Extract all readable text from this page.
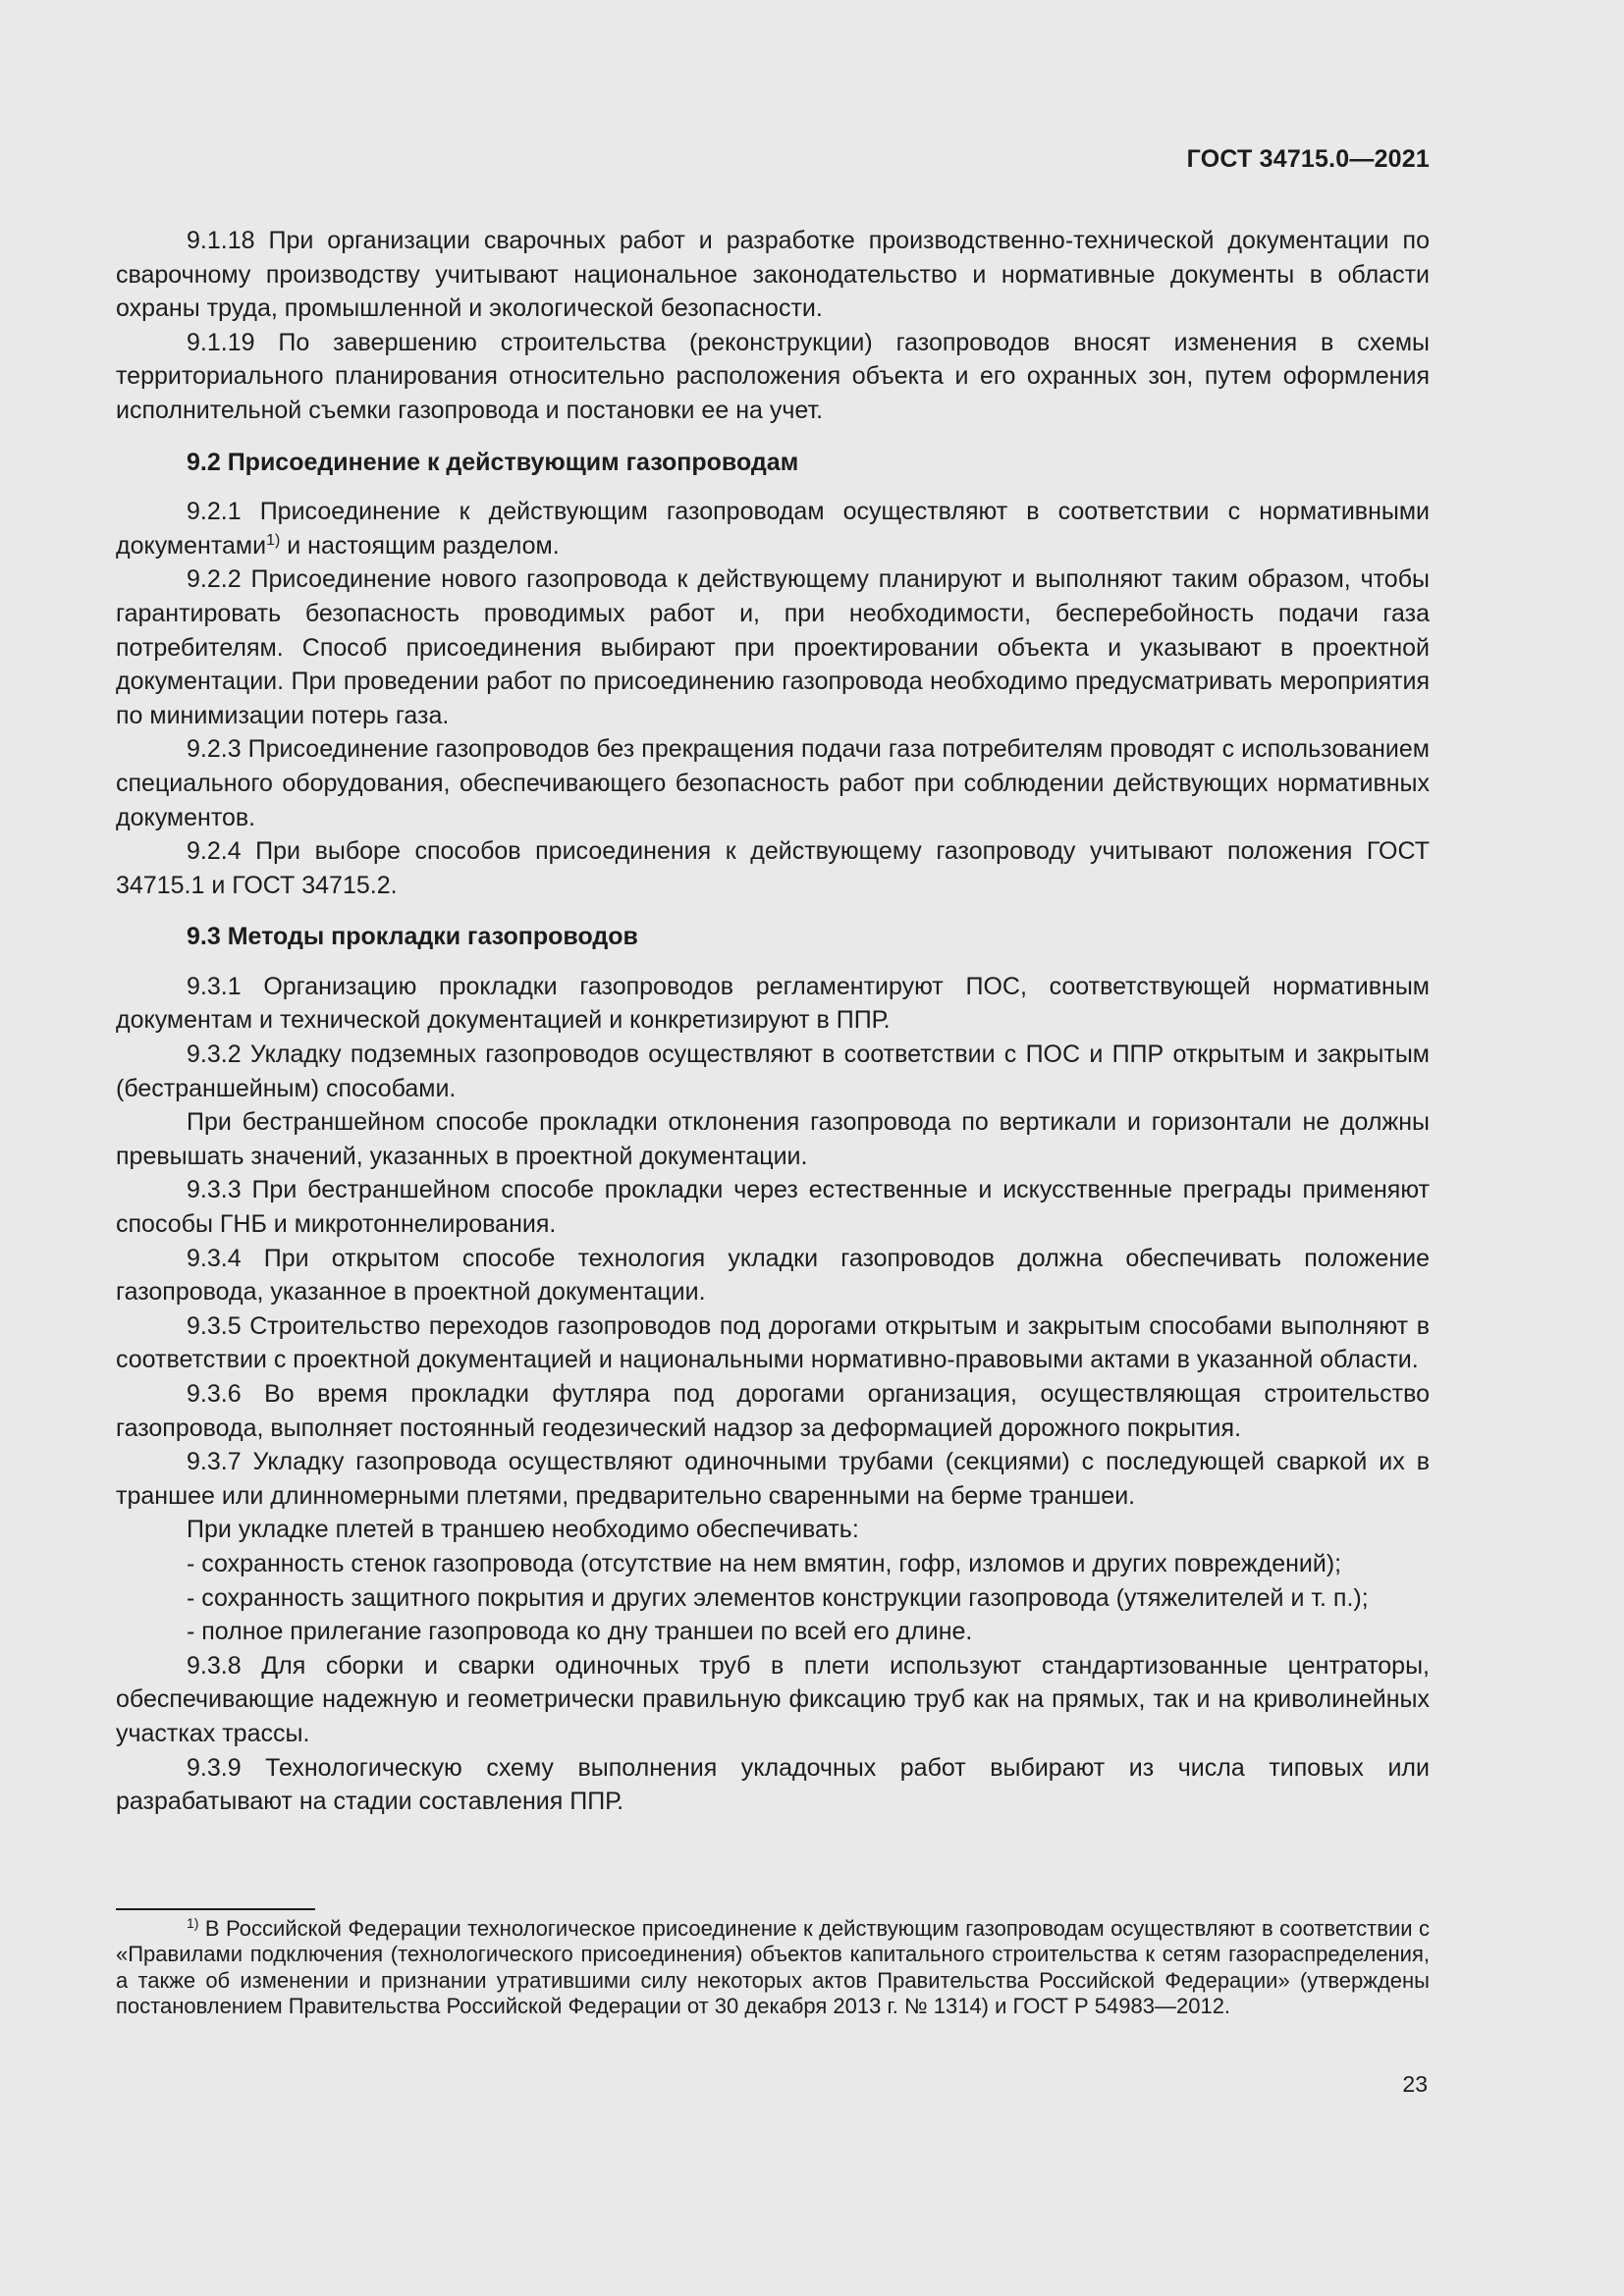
ГОСТ 34715.0—2021

9.1.18 При организации сварочных работ и разработке производственно-технической документации по сварочному производству учитывают национальное законодательство и нормативные документы в области охраны труда, промышленной и экологической безопасности.

9.1.19 По завершению строительства (реконструкции) газопроводов вносят изменения в схемы территориального планирования относительно расположения объекта и его охранных зон, путем оформления исполнительной съемки газопровода и постановки ее на учет.

9.2 Присоединение к действующим газопроводам

9.2.1 Присоединение к действующим газопроводам осуществляют в соответствии с нормативными документами$^{1)}$ и настоящим разделом.

9.2.2 Присоединение нового газопровода к действующему планируют и выполняют таким образом, чтобы гарантировать безопасность проводимых работ и, при необходимости, бесперебойность подачи газа потребителям. Способ присоединения выбирают при проектировании объекта и указывают в проектной документации. При проведении работ по присоединению газопровода необходимо предусматривать мероприятия по минимизации потерь газа.

9.2.3 Присоединение газопроводов без прекращения подачи газа потребителям проводят с использованием специального оборудования, обеспечивающего безопасность работ при соблюдении действующих нормативных документов.

9.2.4 При выборе способов присоединения к действующему газопроводу учитывают положения ГОСТ 34715.1 и ГОСТ 34715.2.

9.3 Методы прокладки газопроводов

9.3.1 Организацию прокладки газопроводов регламентируют ПОС, соответствующей нормативным документам и технической документацией и конкретизируют в ППР.

9.3.2 Укладку подземных газопроводов осуществляют в соответствии с ПОС и ППР открытым и закрытым (бестраншейным) способами.

При бестраншейном способе прокладки отклонения газопровода по вертикали и горизонтали не должны превышать значений, указанных в проектной документации.

9.3.3 При бестраншейном способе прокладки через естественные и искусственные преграды применяют способы ГНБ и микротоннелирования.

9.3.4 При открытом способе технология укладки газопроводов должна обеспечивать положение газопровода, указанное в проектной документации.

9.3.5 Строительство переходов газопроводов под дорогами открытым и закрытым способами выполняют в соответствии с проектной документацией и национальными нормативно-правовыми актами в указанной области.

9.3.6 Во время прокладки футляра под дорогами организация, осуществляющая строительство газопровода, выполняет постоянный геодезический надзор за деформацией дорожного покрытия.

9.3.7 Укладку газопровода осуществляют одиночными трубами (секциями) с последующей сваркой их в траншее или длинномерными плетями, предварительно сваренными на берме траншеи.

При укладке плетей в траншею необходимо обеспечивать:

- сохранность стенок газопровода (отсутствие на нем вмятин, гофр, изломов и других повреждений);

- сохранность защитного покрытия и других элементов конструкции газопровода (утяжелителей и т. п.);

- полное прилегание газопровода ко дну траншеи по всей его длине.

9.3.8 Для сборки и сварки одиночных труб в плети используют стандартизованные центраторы, обеспечивающие надежную и геометрически правильную фиксацию труб как на прямых, так и на криволинейных участках трассы.

9.3.9 Технологическую схему выполнения укладочных работ выбирают из числа типовых или разрабатывают на стадии составления ППР.

$^{1)}$ В Российской Федерации технологическое присоединение к действующим газопроводам осуществляют в соответствии с «Правилами подключения (технологического присоединения) объектов капитального строительства к сетям газораспределения, а также об изменении и признании утратившими силу некоторых актов Правительства Российской Федерации» (утверждены постановлением Правительства Российской Федерации от 30 декабря 2013 г. № 1314) и ГОСТ Р 54983—2012.

23
